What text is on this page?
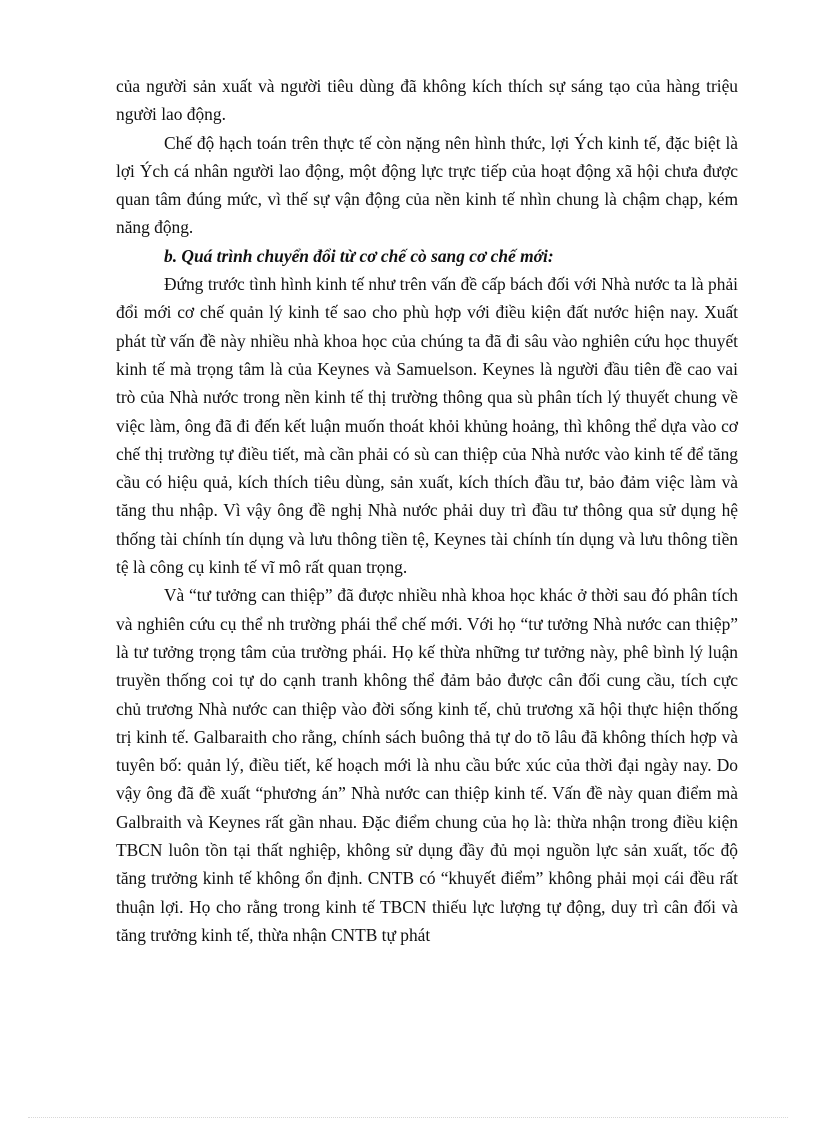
của người sản xuất và người tiêu dùng đã không kích thích sự sáng tạo của hàng triệu người lao động.

Chế độ hạch toán trên thực tế còn nặng nên hình thức, lợi Ých kinh tế, đặc biệt là lợi Ých cá nhân người lao động, một động lực trực tiếp của hoạt động xã hội chưa được quan tâm đúng mức, vì thế sự vận động của nền kinh tế nhìn chung là chậm chạp, kém năng động.

b. Quá trình chuyển đổi từ cơ chế cò sang cơ chế mới:

Đứng trước tình hình kinh tế như trên vấn đề cấp bách đối với Nhà nước ta là phải đổi mới cơ chế quản lý kinh tế sao cho phù hợp với điều kiện đất nước hiện nay. Xuất phát từ vấn đề này nhiều nhà khoa học của chúng ta đã đi sâu vào nghiên cứu học thuyết kinh tế mà trọng tâm là của Keynes và Samuelson. Keynes là người đầu tiên đề cao vai trò của Nhà nước trong nền kinh tế thị trường thông qua sù phân tích lý thuyết chung về việc làm, ông đã đi đến kết luận muốn thoát khỏi khủng hoảng, thì không thể dựa vào cơ chế thị trường tự điều tiết, mà cần phải có sù can thiệp của Nhà nước vào kinh tế để tăng cầu có hiệu quả, kích thích tiêu dùng, sản xuất, kích thích đầu tư, bảo đảm việc làm và tăng thu nhập. Vì vậy ông đề nghị Nhà nước phải duy trì đầu tư thông qua sử dụng hệ thống tài chính tín dụng và lưu thông tiền tệ, Keynes tài chính tín dụng và lưu thông tiền tệ là công cụ kinh tế vĩ mô rất quan trọng.

Và “tư tưởng can thiệp” đã được nhiều nhà khoa học khác ở thời sau đó phân tích và nghiên cứu cụ thể nh trường phái thể chế mới. Với họ “tư tưởng Nhà nước can thiệp” là tư tưởng trọng tâm của trường phái. Họ kế thừa những tư tưởng này, phê bình lý luận truyền thống coi tự do cạnh tranh không thể đảm bảo được cân đối cung cầu, tích cực chủ trương Nhà nước can thiệp vào đời sống kinh tế, chủ trương xã hội thực hiện thống trị kinh tế. Galbaraith cho rằng, chính sách buông thả tự do tõ lâu đã không thích hợp và tuyên bố: quản lý, điều tiết, kế hoạch mới là nhu cầu bức xúc của thời đại ngày nay. Do vậy ông đã đề xuất “phương án” Nhà nước can thiệp kinh tế. Vấn đề này quan điểm mà Galbraith và Keynes rất gần nhau. Đặc điểm chung của họ là: thừa nhận trong điều kiện TBCN luôn tồn tại thất nghiệp, không sử dụng đầy đủ mọi nguồn lực sản xuất, tốc độ tăng trưởng kinh tế không ổn định. CNTB có “khuyết điểm” không phải mọi cái đều rất thuận lợi. Họ cho rằng trong kinh tế TBCN thiếu lực lượng tự động, duy trì cân đối và tăng trưởng kinh tế, thừa nhận CNTB tự phát
